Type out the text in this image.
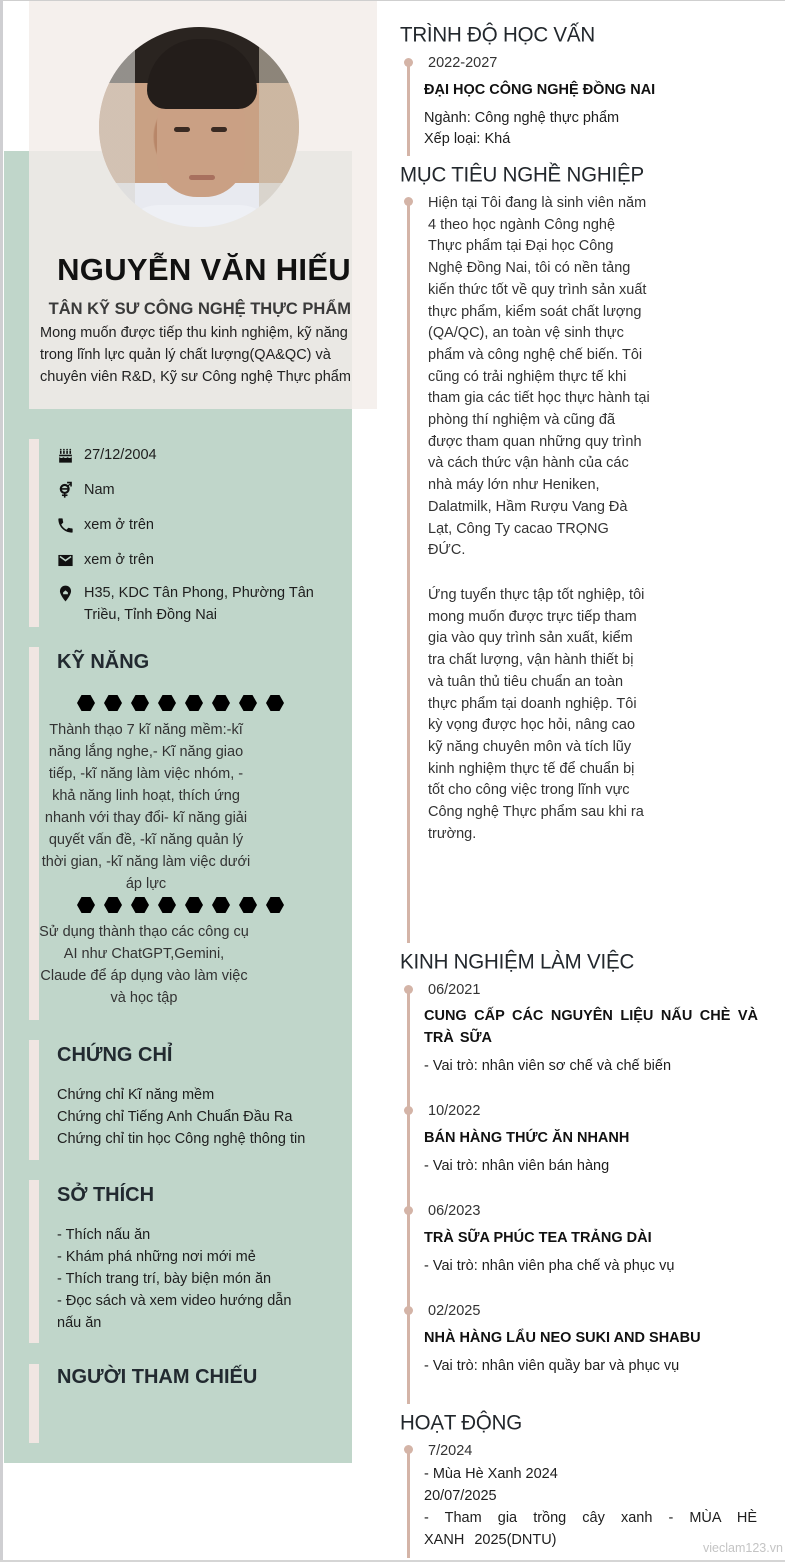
NGUYỄN VĂN HIẾU
TÂN KỸ SƯ CÔNG NGHỆ THỰC PHẨM
Mong muốn được tiếp thu kinh nghiệm, kỹ năng trong lĩnh lực quản lý chất lượng(QA&QC) và chuyên viên R&D, Kỹ sư Công nghệ Thực phẩm
27/12/2004
Nam
xem ở trên
xem ở trên
H35, KDC Tân Phong, Phường Tân Triều, Tỉnh Đồng Nai
KỸ NĂNG
Thành thạo 7 kĩ năng mềm:-kĩ năng lắng nghe,- Kĩ năng giao tiếp, -kĩ năng làm việc nhóm, -khả năng linh hoạt, thích ứng nhanh với thay đổi- kĩ năng giải quyết vấn đề, -kĩ năng quản lý thời gian, -kĩ năng làm việc dưới áp lực
Sử dụng thành thạo các công cụ AI như ChatGPT,Gemini, Claude để áp dụng vào làm việc và học tập
CHỨNG CHỈ
Chứng chỉ Kĩ năng mềm
Chứng chỉ Tiếng Anh Chuẩn Đầu Ra
Chứng chỉ tin học Công nghệ thông tin
SỞ THÍCH
- Thích nấu ăn
- Khám phá những nơi mới mẻ
- Thích trang trí, bày biện món ăn
- Đọc sách và xem video hướng dẫn nấu ăn
NGƯỜI THAM CHIẾU
TRÌNH ĐỘ HỌC VẤN
2022-2027
ĐẠI HỌC CÔNG NGHỆ ĐỒNG NAI
Ngành: Công nghệ thực phẩm
Xếp loại: Khá
MỤC TIÊU NGHỀ NGHIỆP
Hiện tại Tôi đang là sinh viên năm 4 theo học ngành Công nghệ Thực phẩm tại Đại học Công Nghệ Đồng Nai, tôi có nền tảng kiến thức tốt về quy trình sản xuất thực phẩm, kiểm soát chất lượng (QA/QC), an toàn vệ sinh thực phẩm và công nghệ chế biến. Tôi cũng có trải nghiệm thực tế khi tham gia các tiết học thực hành tại phòng thí nghiệm và cũng đã được tham quan những quy trình và cách thức vận hành của các nhà máy lớn như Heniken, Dalatmilk, Hầm Rượu Vang Đà Lạt, Công Ty cacao TRỌNG ĐỨC.
Ứng tuyển thực tập tốt nghiệp, tôi mong muốn được trực tiếp tham gia vào quy trình sản xuất, kiểm tra chất lượng, vận hành thiết bị và tuân thủ tiêu chuẩn an toàn thực phẩm tại doanh nghiệp. Tôi kỳ vọng được học hỏi, nâng cao kỹ năng chuyên môn và tích lũy kinh nghiệm thực tế để chuẩn bị tốt cho công việc trong lĩnh vực Công nghệ Thực phẩm sau khi ra trường.
KINH NGHIỆM LÀM VIỆC
06/2021
CUNG CẤP CÁC NGUYÊN LIỆU NẤU CHÈ VÀ TRÀ SỮA
- Vai trò: nhân viên sơ chế và chế biến
10/2022
BÁN HÀNG THỨC ĂN NHANH
- Vai trò: nhân viên bán hàng
06/2023
TRÀ SỮA PHÚC TEA TRẢNG DÀI
- Vai trò: nhân viên pha chế và phục vụ
02/2025
NHÀ HÀNG LẨU NEO SUKI AND SHABU
- Vai trò: nhân viên quầy bar và phục vụ
HOẠT ĐỘNG
7/2024
- Mùa Hè Xanh 2024
20/07/2025
- Tham gia trồng cây xanh - MÙA HÈ XANH 2025(DNTU)	vieclam123.vn
